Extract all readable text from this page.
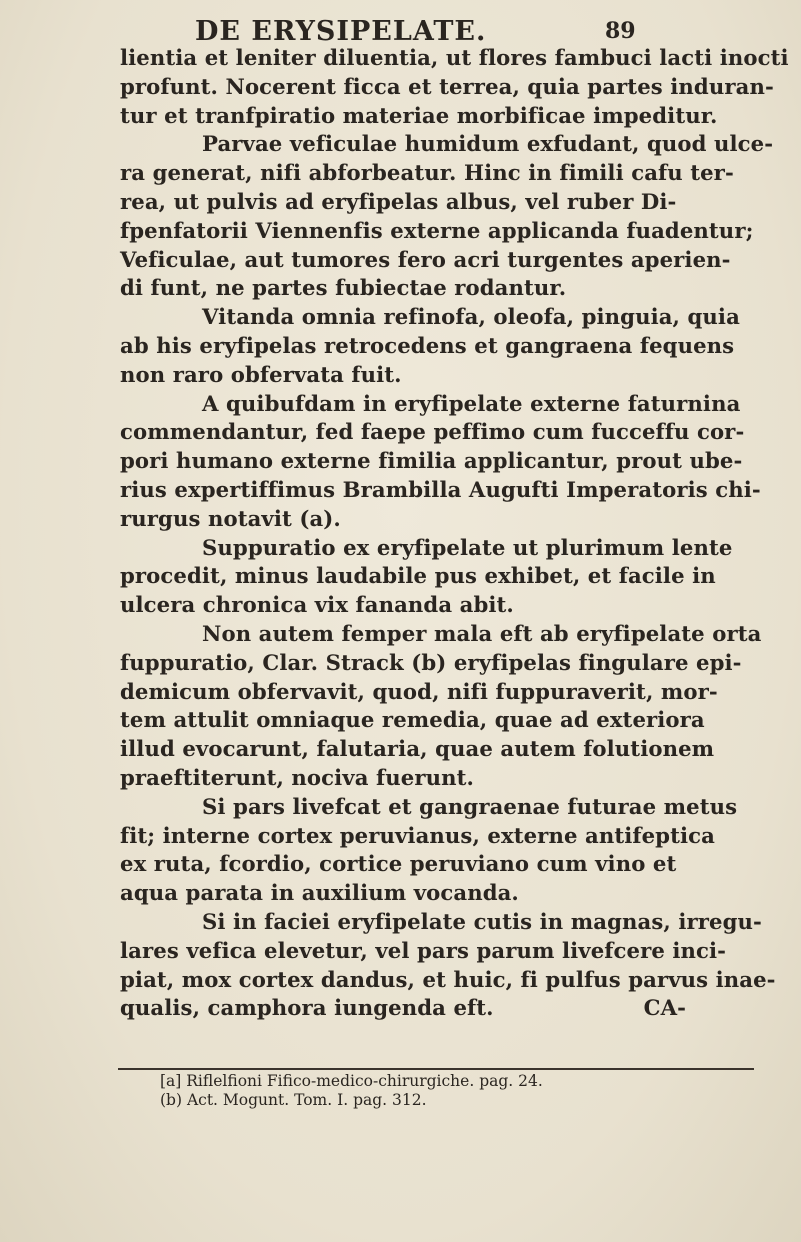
DE ERYSIPELATE.	89
lientia et leniter diluentia, ut flores fambuci lacti inocti
profunt. Nocerent ficca et terrea, quia partes induran-
tur et tranfpiratio materiae morbificae impeditur.
Parvae veficulae humidum exfudant, quod ulce-
ra generat, nifi abforbeatur. Hinc in fimili cafu ter-
rea, ut pulvis ad eryfipelas albus, vel ruber Di-
fpenfatorii Viennenfis externe applicanda fuadentur;
Veficulae, aut tumores fero acri turgentes aperien-
di funt, ne partes fubiectae rodantur.
Vitanda omnia refinofa, oleofa, pinguia, quia
ab his eryfipelas retrocedens et gangraena fequens
non raro obfervata fuit.
A quibufdam in eryfipelate externe faturnina
commendantur, fed faepe peffimo cum fucceffu cor-
pori humano externe fimilia applicantur, prout ube-
rius expertiffimus Brambilla Augufti Imperatoris chi-
rurgus notavit (a).
Suppuratio ex eryfipelate ut plurimum lente
procedit, minus laudabile pus exhibet, et facile in
ulcera chronica vix fananda abit.
Non autem femper mala eft ab eryfipelate orta
fuppuratio, Clar. Strack (b) eryfipelas fingulare epi-
demicum obfervavit, quod, nifi fuppuraverit, mor-
tem attulit omniaque remedia, quae ad exteriora
illud evocarunt, falutaria, quae autem folutionem
praeftiterunt, nociva fuerunt.
Si pars livefcat et gangraenae futurae metus
fit; interne cortex peruvianus, externe antifeptica
ex ruta, fcordio, cortice peruviano cum vino et
aqua parata in auxilium vocanda.
Si in faciei eryfipelate cutis in magnas, irregu-
lares vefica elevetur, vel pars parum livefcere inci-
piat, mox cortex dandus, et huic, fi pulfus parvus inae-
qualis, camphora iungenda eft.	CA-
[a] Riflelfioni Fifico-medico-chirurgiche. pag. 24.
(b) Act. Mogunt. Tom. I. pag. 312.
